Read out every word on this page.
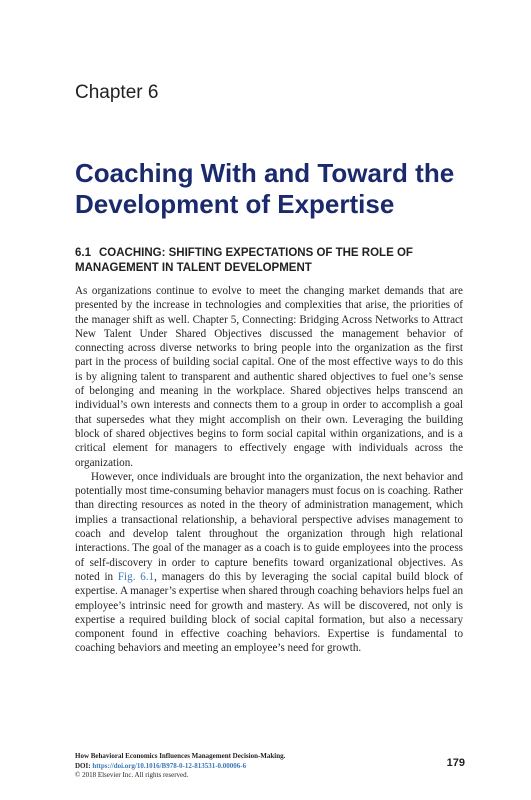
Chapter 6
Coaching With and Toward the
Development of Expertise
6.1 COACHING: SHIFTING EXPECTATIONS OF THE ROLE OF MANAGEMENT IN TALENT DEVELOPMENT

As organizations continue to evolve to meet the changing market demands that are presented by the increase in technologies and complexities that arise, the priorities of the manager shift as well. Chapter 5, Connecting: Bridging Across Networks to Attract New Talent Under Shared Objectives discussed the management behavior of connecting across diverse networks to bring people into the organization as the first part in the process of building social capital. One of the most effective ways to do this is by aligning talent to transparent and authentic shared objectives to fuel one’s sense of belonging and meaning in the workplace. Shared objectives helps transcend an individual’s own interests and connects them to a group in order to accomplish a goal that supersedes what they might accomplish on their own. Leveraging the building block of shared objectives begins to form social capital within organizations, and is a critical element for managers to effectively engage with individuals across the organization.

However, once individuals are brought into the organization, the next behavior and potentially most time-consuming behavior managers must focus on is coaching. Rather than directing resources as noted in the theory of administration management, which implies a transactional relationship, a behavioral perspective advises management to coach and develop talent throughout the organization through high relational interactions. The goal of the manager as a coach is to guide employees into the process of self-discovery in order to capture benefits toward organizational objectives. As noted in Fig. 6.1, managers do this by leveraging the social capital build block of expertise. A manager’s expertise when shared through coaching behaviors helps fuel an employee’s intrinsic need for growth and mastery. As will be discovered, not only is expertise a required building block of social capital formation, but also a necessary component found in effective coaching behaviors. Expertise is fundamental to coaching behaviors and meeting an employee’s need for growth.

How Behavioral Economics Influences Management Decision-Making.
DOI: https://doi.org/10.1016/B978-0-12-813531-0.00006-6
© 2018 Elsevier Inc. All rights reserved.
179
